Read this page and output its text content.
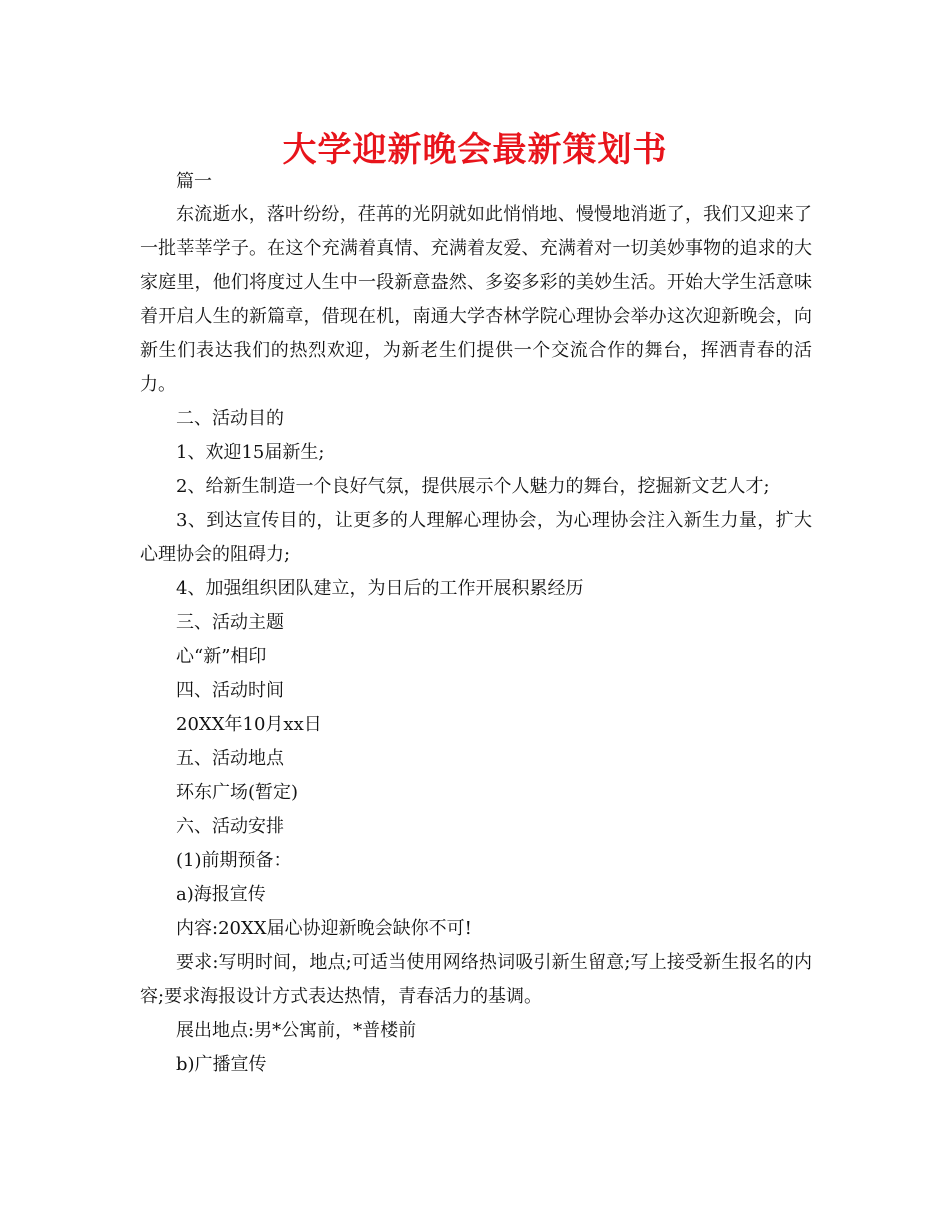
大学迎新晚会最新策划书

篇一

东流逝水，落叶纷纷，荏苒的光阴就如此悄悄地、慢慢地消逝了，我们又迎来了一批莘莘学子。在这个充满着真情、充满着友爱、充满着对一切美妙事物的追求的大家庭里，他们将度过人生中一段新意盎然、多姿多彩的美妙生活。开始大学生活意味着开启人生的新篇章，借现在机，南通大学杏林学院心理协会举办这次迎新晚会，向新生们表达我们的热烈欢迎，为新老生们提供一个交流合作的舞台，挥洒青春的活力。

二、活动目的

1、欢迎15届新生;

2、给新生制造一个良好气氛，提供展示个人魅力的舞台，挖掘新文艺人才;

3、到达宣传目的，让更多的人理解心理协会，为心理协会注入新生力量，扩大心理协会的阻碍力;

4、加强组织团队建立，为日后的工作开展积累经历

三、活动主题

心“新”相印

四、活动时间

20XX年10月xx日

五、活动地点

环东广场(暂定)

六、活动安排

(1)前期预备：

a)海报宣传

内容:20XX届心协迎新晚会缺你不可!

要求:写明时间，地点;可适当使用网络热词吸引新生留意;写上接受新生报名的内容;要求海报设计方式表达热情，青春活力的基调。

展出地点:男*公寓前，*普楼前

b)广播宣传
